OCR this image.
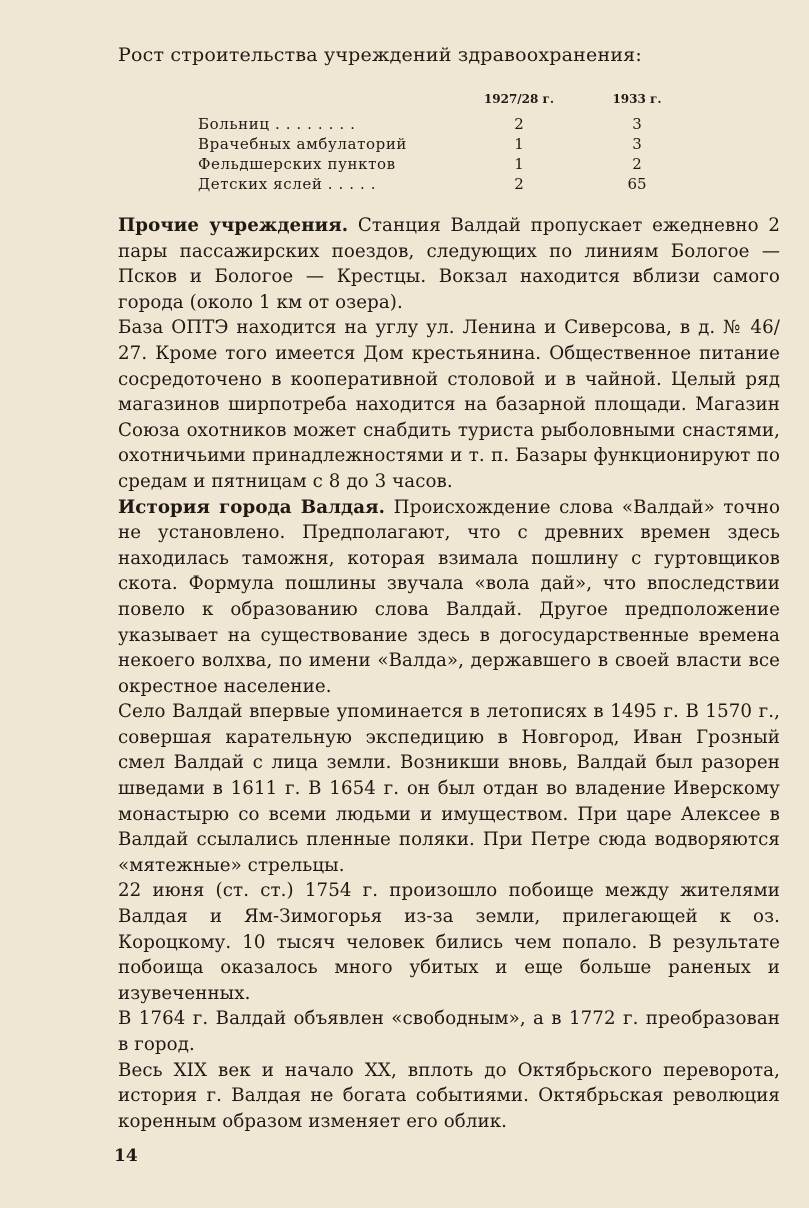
Рост строительства учреждений здравоохранения:
	1927/28 г.	1933 г.
Больниц . . . . . . . .	2	3
Врачебных амбулаторий	1	3
Фельдшерских пунктов	1	2
Детских яслей . . . . .	2	65

Прочие учреждения. Станция Валдай пропускает ежедневно 2 пары пассажирских поездов, следующих по линиям Бологое — Псков и Бологое — Крестцы. Вокзал находится вблизи самого города (около 1 км от озера).

База ОПТЭ находится на углу ул. Ленина и Сиверсова, в д. № 46/ 27. Кроме того имеется Дом крестьянина. Общественное питание сосредоточено в кооперативной столовой и в чайной. Целый ряд магазинов ширпотреба находится на базарной площади. Магазин Союза охотников может снабдить туриста рыболовными снастями, охотничьими принадлежностями и т. п. Базары функционируют по средам и пятницам с 8 до 3 часов.

История города Валдая. Происхождение слова «Валдай» точно не установлено. Предполагают, что с древних времен здесь находилась таможня, которая взимала пошлину с гуртовщиков скота. Формула пошлины звучала «вола дай», что впоследствии повело к образованию слова Валдай. Другое предположение указывает на существование здесь в догосударственные времена некоего волхва, по имени «Валда», державшего в своей власти все окрестное население.

Село Валдай впервые упоминается в летописях в 1495 г. В 1570 г., совершая карательную экспедицию в Новгород, Иван Грозный смел Валдай с лица земли. Возникши вновь, Валдай был разорен шведами в 1611 г. В 1654 г. он был отдан во владение Иверскому монастырю со всеми людьми и имуществом. При царе Алексее в Валдай ссылались пленные поляки. При Петре сюда водворяются «мятежные» стрельцы.

22 июня (ст. ст.) 1754 г. произошло побоище между жителями Валдая и Ям-Зимогорья из-за земли, прилегающей к оз. Короцкому. 10 тысяч человек бились чем попало. В результате побоища оказалось много убитых и еще больше раненых и изувеченных.

В 1764 г. Валдай объявлен «свободным», а в 1772 г. преобразован в город.

Весь XIX век и начало XX, вплоть до Октябрьского переворота, история г. Валдая не богата событиями. Октябрьская революция коренным образом изменяет его облик.

14
